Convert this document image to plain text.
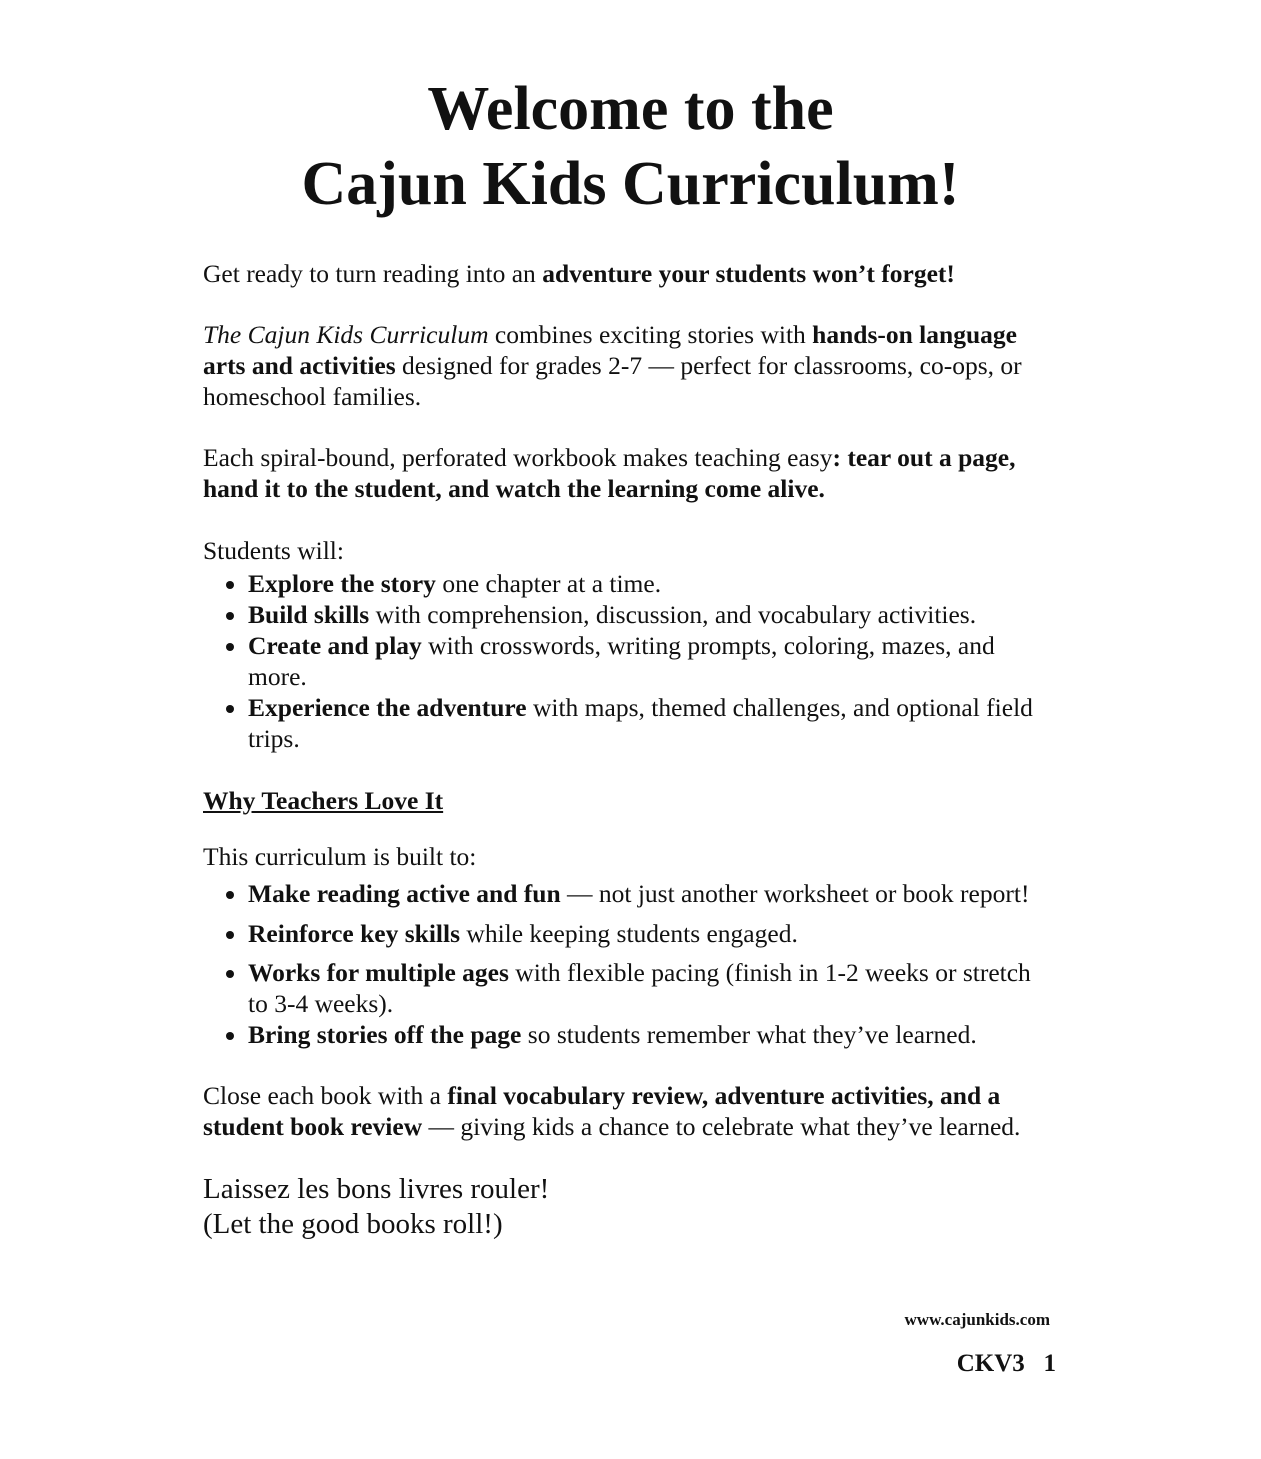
Welcome to the
Cajun Kids Curriculum!

Get ready to turn reading into an adventure your students won’t forget!

The Cajun Kids Curriculum combines exciting stories with hands-on language arts and activities designed for grades 2-7 — perfect for classrooms, co-ops, or homeschool families.

Each spiral-bound, perforated workbook makes teaching easy: tear out a page, hand it to the student, and watch the learning come alive.

Students will:

• Explore the story one chapter at a time.
• Build skills with comprehension, discussion, and vocabulary activities.
• Create and play with crosswords, writing prompts, coloring, mazes, and more.
• Experience the adventure with maps, themed challenges, and optional field trips.

Why Teachers Love It

This curriculum is built to:

• Make reading active and fun — not just another worksheet or book report!
• Reinforce key skills while keeping students engaged.
• Works for multiple ages with flexible pacing (finish in 1-2 weeks or stretch to 3-4 weeks).
• Bring stories off the page so students remember what they’ve learned.

Close each book with a final vocabulary review, adventure activities, and a student book review — giving kids a chance to celebrate what they’ve learned.

Laissez les bons livres rouler!
(Let the good books roll!)

www.cajunkids.com
CKV3 1
